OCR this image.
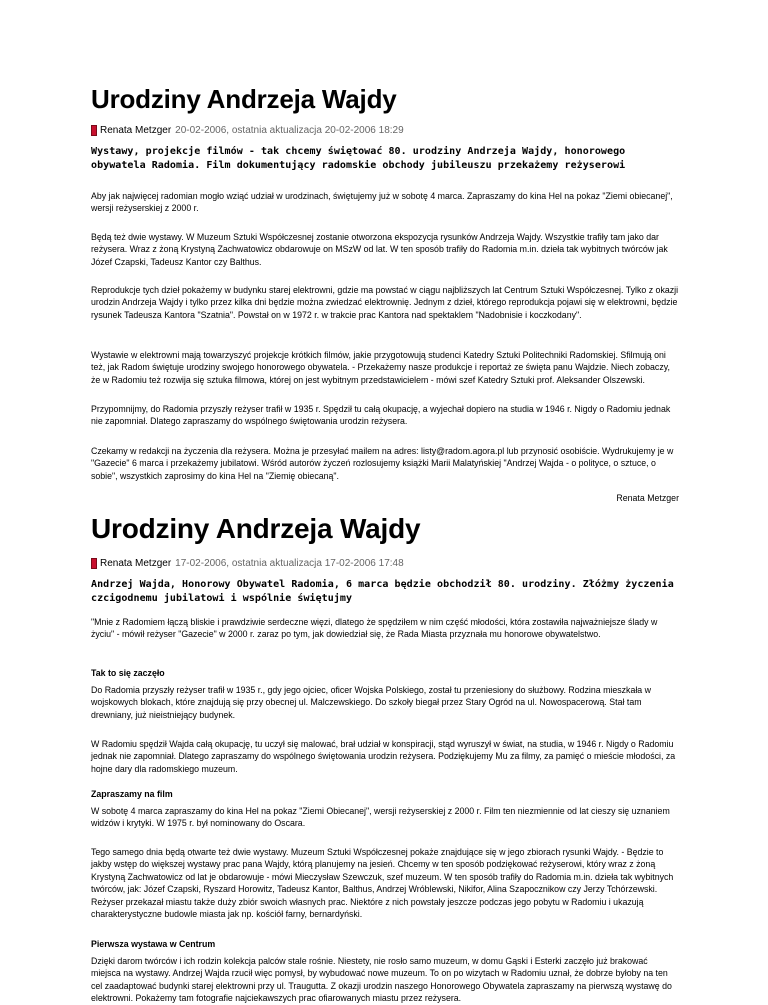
Urodziny Andrzeja Wajdy
Renata Metzger 20-02-2006, ostatnia aktualizacja 20-02-2006 18:29

Wystawy, projekcje filmów - tak chcemy świętować 80. urodziny Andrzeja Wajdy, honorowego obywatela Radomia. Film dokumentujący radomskie obchody jubileuszu przekażemy reżyserowi

Aby jak najwięcej radomian mogło wziąć udział w urodzinach, świętujemy już w sobotę 4 marca. Zapraszamy do kina Hel na pokaz "Ziemi obiecanej", wersji reżyserskiej z 2000 r.

Będą też dwie wystawy. W Muzeum Sztuki Współczesnej zostanie otworzona ekspozycja rysunków Andrzeja Wajdy. Wszystkie trafiły tam jako dar reżysera. Wraz z żoną Krystyną Zachwatowicz obdarowuje on MSzW od lat. W ten sposób trafiły do Radomia m.in. dzieła tak wybitnych twórców jak Józef Czapski, Tadeusz Kantor czy Balthus.

Reprodukcje tych dzieł pokażemy w budynku starej elektrowni, gdzie ma powstać w ciągu najbliższych lat Centrum Sztuki Współczesnej. Tylko z okazji urodzin Andrzeja Wajdy i tylko przez kilka dni będzie można zwiedzać elektrownię. Jednym z dzieł, którego reprodukcja pojawi się w elektrowni, będzie rysunek Tadeusza Kantora "Szatnia". Powstał on w 1972 r. w trakcie prac Kantora nad spektaklem "Nadobnisie i koczkodany".

Wystawie w elektrowni mają towarzyszyć projekcje krótkich filmów, jakie przygotowują studenci Katedry Sztuki Politechniki Radomskiej. Sfilmują oni też, jak Radom świętuje urodziny swojego honorowego obywatela. - Przekażemy nasze produkcje i reportaż ze święta panu Wajdzie. Niech zobaczy, że w Radomiu też rozwija się sztuka filmowa, której on jest wybitnym przedstawicielem - mówi szef Katedry Sztuki prof. Aleksander Olszewski.

Przypomnijmy, do Radomia przyszły reżyser trafił w 1935 r. Spędził tu całą okupację, a wyjechał dopiero na studia w 1946 r. Nigdy o Radomiu jednak nie zapomniał. Dlatego zapraszamy do wspólnego świętowania urodzin reżysera.

Czekamy w redakcji na życzenia dla reżysera. Można je przesyłać mailem na adres: listy@radom.agora.pl lub przynosić osobiście. Wydrukujemy je w "Gazecie" 6 marca i przekażemy jubilatowi. Wśród autorów życzeń rozlosujemy książki Marii Malatyńskiej "Andrzej Wajda - o polityce, o sztuce, o sobie", wszystkich zaprosimy do kina Hel na "Ziemię obiecaną".

Renata Metzger
Urodziny Andrzeja Wajdy
Renata Metzger 17-02-2006, ostatnia aktualizacja 17-02-2006 17:48

Andrzej Wajda, Honorowy Obywatel Radomia, 6 marca będzie obchodził 80. urodziny. Złóżmy życzenia czcigodnemu jubilatowi i wspólnie świętujmy

"Mnie z Radomiem łączą bliskie i prawdziwie serdeczne więzi, dlatego że spędziłem w nim część młodości, która zostawiła najważniejsze ślady w życiu" - mówił reżyser "Gazecie" w 2000 r. zaraz po tym, jak dowiedział się, że Rada Miasta przyznała mu honorowe obywatelstwo.

Tak to się zaczęło

Do Radomia przyszły reżyser trafił w 1935 r., gdy jego ojciec, oficer Wojska Polskiego, został tu przeniesiony do służbowy. Rodzina mieszkała w wojskowych blokach, które znajdują się przy obecnej ul. Malczewskiego. Do szkoły biegał przez Stary Ogród na ul. Nowospacerową. Stał tam drewniany, już nieistniejący budynek.

W Radomiu spędził Wajda całą okupację, tu uczył się malować, brał udział w konspiracji, stąd wyruszył w świat, na studia, w 1946 r. Nigdy o Radomiu jednak nie zapomniał. Dlatego zapraszamy do wspólnego świętowania urodzin reżysera. Podziękujemy Mu za filmy, za pamięć o mieście młodości, za hojne dary dla radomskiego muzeum.

Zapraszamy na film

W sobotę 4 marca zapraszamy do kina Hel na pokaz "Ziemi Obiecanej", wersji reżyserskiej z 2000 r. Film ten niezmiennie od lat cieszy się uznaniem widzów i krytyki. W 1975 r. był nominowany do Oscara.

Tego samego dnia będą otwarte też dwie wystawy. Muzeum Sztuki Współczesnej pokaże znajdujące się w jego zbiorach rysunki Wajdy. - Będzie to jakby wstęp do większej wystawy prac pana Wajdy, którą planujemy na jesień. Chcemy w ten sposób podziękować reżyserowi, który wraz z żoną Krystyną Zachwatowicz od lat je obdarowuje - mówi Mieczysław Szewczuk, szef muzeum. W ten sposób trafiły do Radomia m.in. dzieła tak wybitnych twórców, jak: Józef Czapski, Ryszard Horowitz, Tadeusz Kantor, Balthus, Andrzej Wróblewski, Nikifor, Alina Szapocznikow czy Jerzy Tchórzewski. Reżyser przekazał miastu także duży zbiór swoich własnych prac. Niektóre z nich powstały jeszcze podczas jego pobytu w Radomiu i ukazują charakterystyczne budowle miasta jak np. kościół farny, bernardyński.

Pierwsza wystawa w Centrum

Dzięki darom twórców i ich rodzin kolekcja palców stale rośnie. Niestety, nie rosło samo muzeum, w domu Gąski i Esterki zaczęło już brakować miejsca na wystawy. Andrzej Wajda rzucił więc pomysł, by wybudować nowe muzeum. To on po wizytach w Radomiu uznał, że dobrze byłoby na ten cel zaadaptować budynki starej elektrowni przy ul. Traugutta. Z okazji urodzin naszego Honorowego Obywatela zapraszamy na pierwszą wystawę do elektrowni. Pokażemy tam fotografie najciekawszych prac ofiarowanych miastu przez reżysera.
